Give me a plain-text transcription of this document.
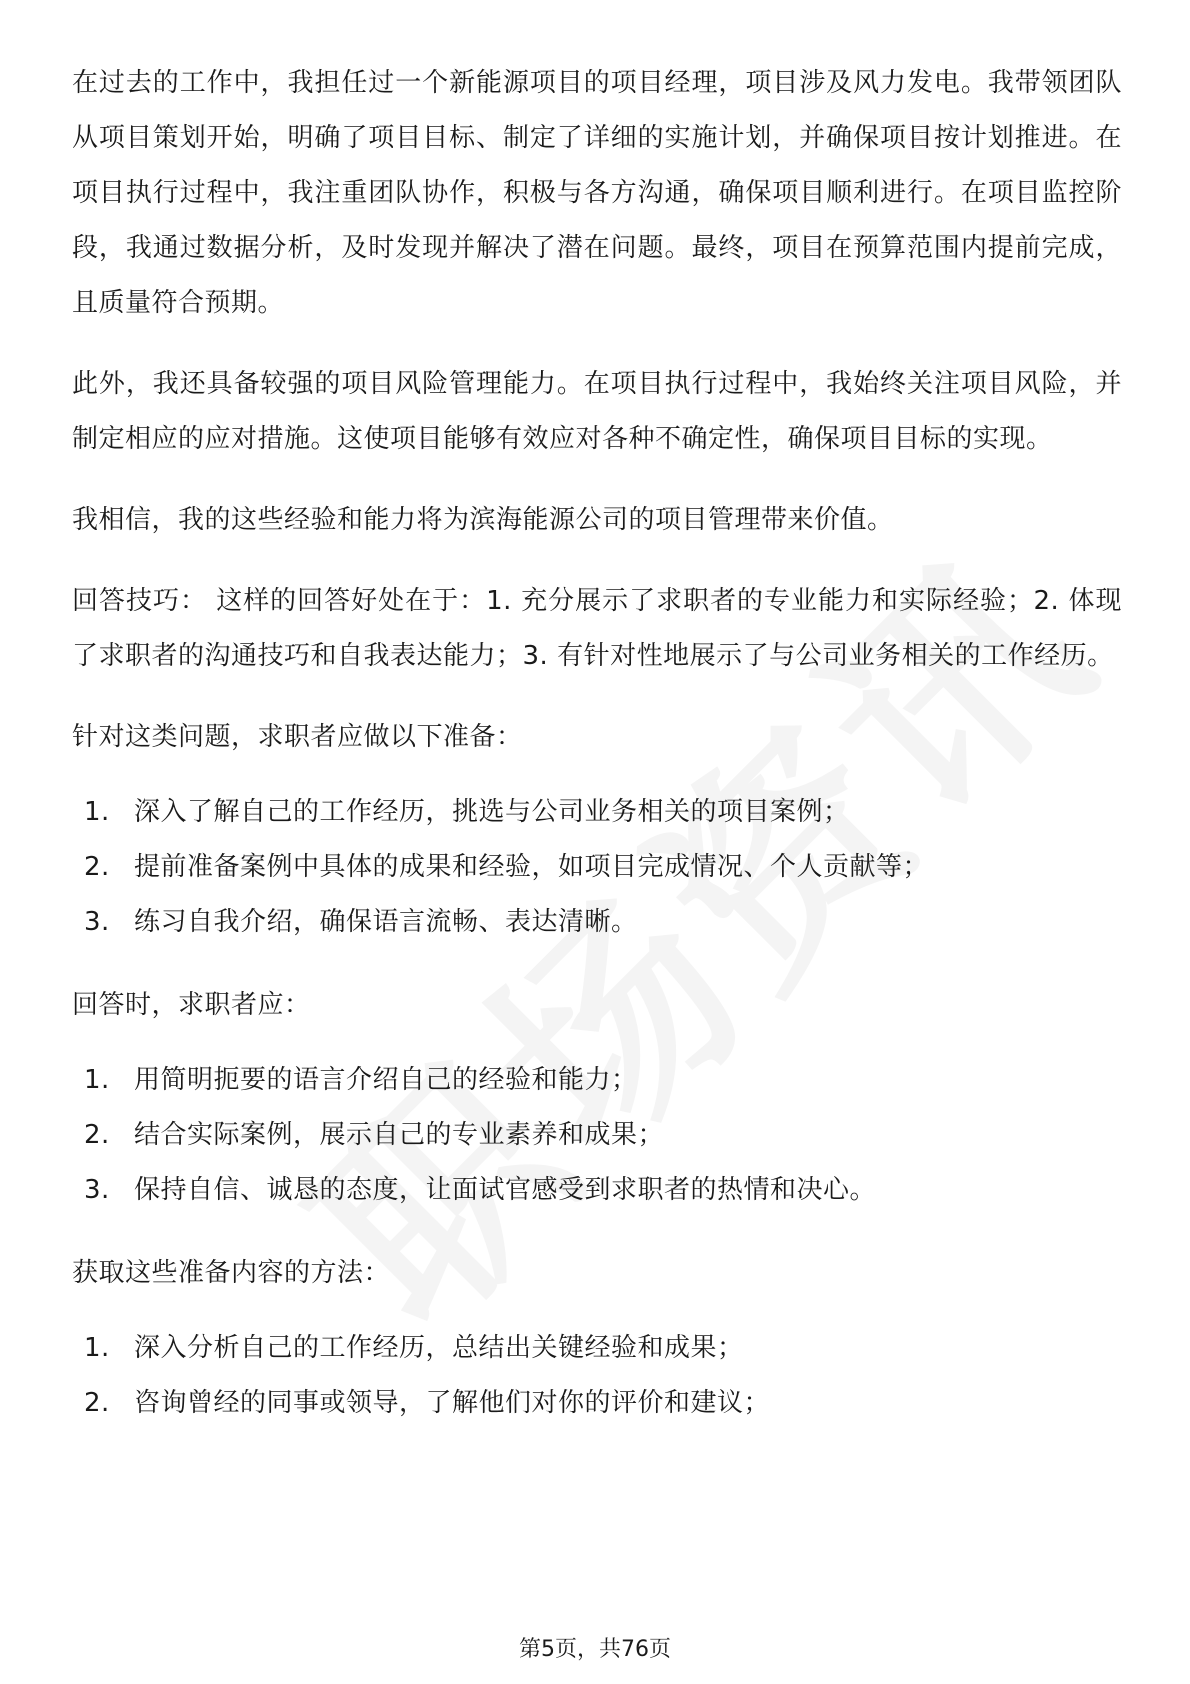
在过去的工作中，我担任过一个新能源项目的项目经理，项目涉及风力发电。我带领团队从项目策划开始，明确了项目目标、制定了详细的实施计划，并确保项目按计划推进。在项目执行过程中，我注重团队协作，积极与各方沟通，确保项目顺利进行。在项目监控阶段，我通过数据分析，及时发现并解决了潜在问题。最终，项目在预算范围内提前完成，且质量符合预期。

此外，我还具备较强的项目风险管理能力。在项目执行过程中，我始终关注项目风险，并制定相应的应对措施。这使项目能够有效应对各种不确定性，确保项目目标的实现。

我相信，我的这些经验和能力将为滨海能源公司的项目管理带来价值。

回答技巧： 这样的回答好处在于：1. 充分展示了求职者的专业能力和实际经验；2. 体现了求职者的沟通技巧和自我表达能力；3. 有针对性地展示了与公司业务相关的工作经历。

针对这类问题，求职者应做以下准备：

1. 深入了解自己的工作经历，挑选与公司业务相关的项目案例；
2. 提前准备案例中具体的成果和经验，如项目完成情况、个人贡献等；
3. 练习自我介绍，确保语言流畅、表达清晰。

回答时，求职者应：

1. 用简明扼要的语言介绍自己的经验和能力；
2. 结合实际案例，展示自己的专业素养和成果；
3. 保持自信、诚恳的态度，让面试官感受到求职者的热情和决心。

获取这些准备内容的方法：

1. 深入分析自己的工作经历，总结出关键经验和成果；
2. 咨询曾经的同事或领导，了解他们对你的评价和建议；
第5页，共76页
